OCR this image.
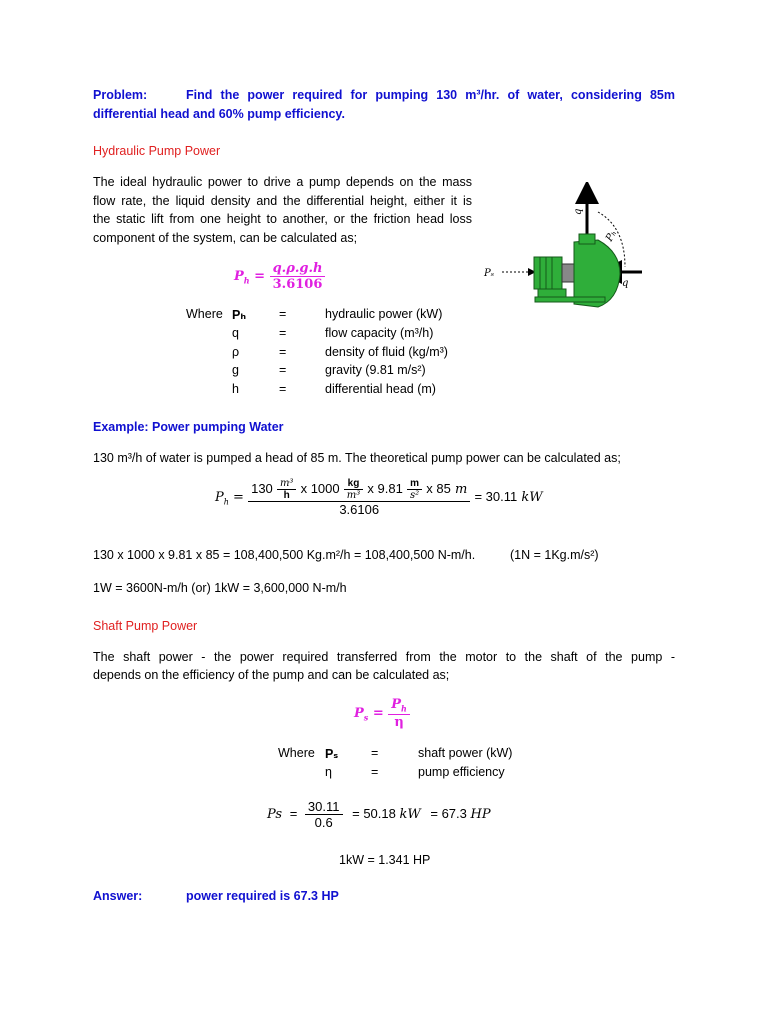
Problem:	Find the power required for pumping 130 m³/hr. of water, considering 85m
differential head and 60% pump efficiency.
Hydraulic Pump Power
The ideal hydraulic power to drive a pump depends on the mass
flow rate, the liquid density and the differential height, either it is
the static lift from one height to another, or the friction head loss
component of the system, can be calculated as;
$P_h = \frac{q.\rho.g.h}{3.6106}$
Where Pₕ	=	hydraulic power (kW)
q	=	flow capacity (m³/h)
ρ	=	density of fluid (kg/m³)
g	=	gravity (9.81 m/s²)
h	=	differential head (m)
q
Pₕ
Pₛ
q
Example: Power pumping Water
130 m³/h of water is pumped a head of 85 m. The theoretical pump power can be calculated as;
$P_h$ =
$130 \frac{\text{m³}}{h}$ x $1000 \frac{kg}{\text{m³}}$ x $9.81 \frac{m}{\text{s²}}$ x 85 m
3.6106
= 30.11 kW
130 x 1000 x 9.81 x 85 = 108,400,500 Kg.m²/h = 108,400,500 N-m/h.	(1N = 1Kg.m/s²)
1W = 3600N-m/h (or) 1kW = 3,600,000 N-m/h
Shaft Pump Power
The shaft power - the power required transferred from the motor to the shaft of the pump -
depends on the efficiency of the pump and can be calculated as;
$P_s = \frac{P_h}{\eta}$
Where Pₛ	=	shaft power (kW)
η	=	pump efficiency
$Ps = \frac{30.11}{0.6} = 50.18$ kW = 67.3 HP
1kW = 1.341 HP
Answer:	power required is 67.3 HP
